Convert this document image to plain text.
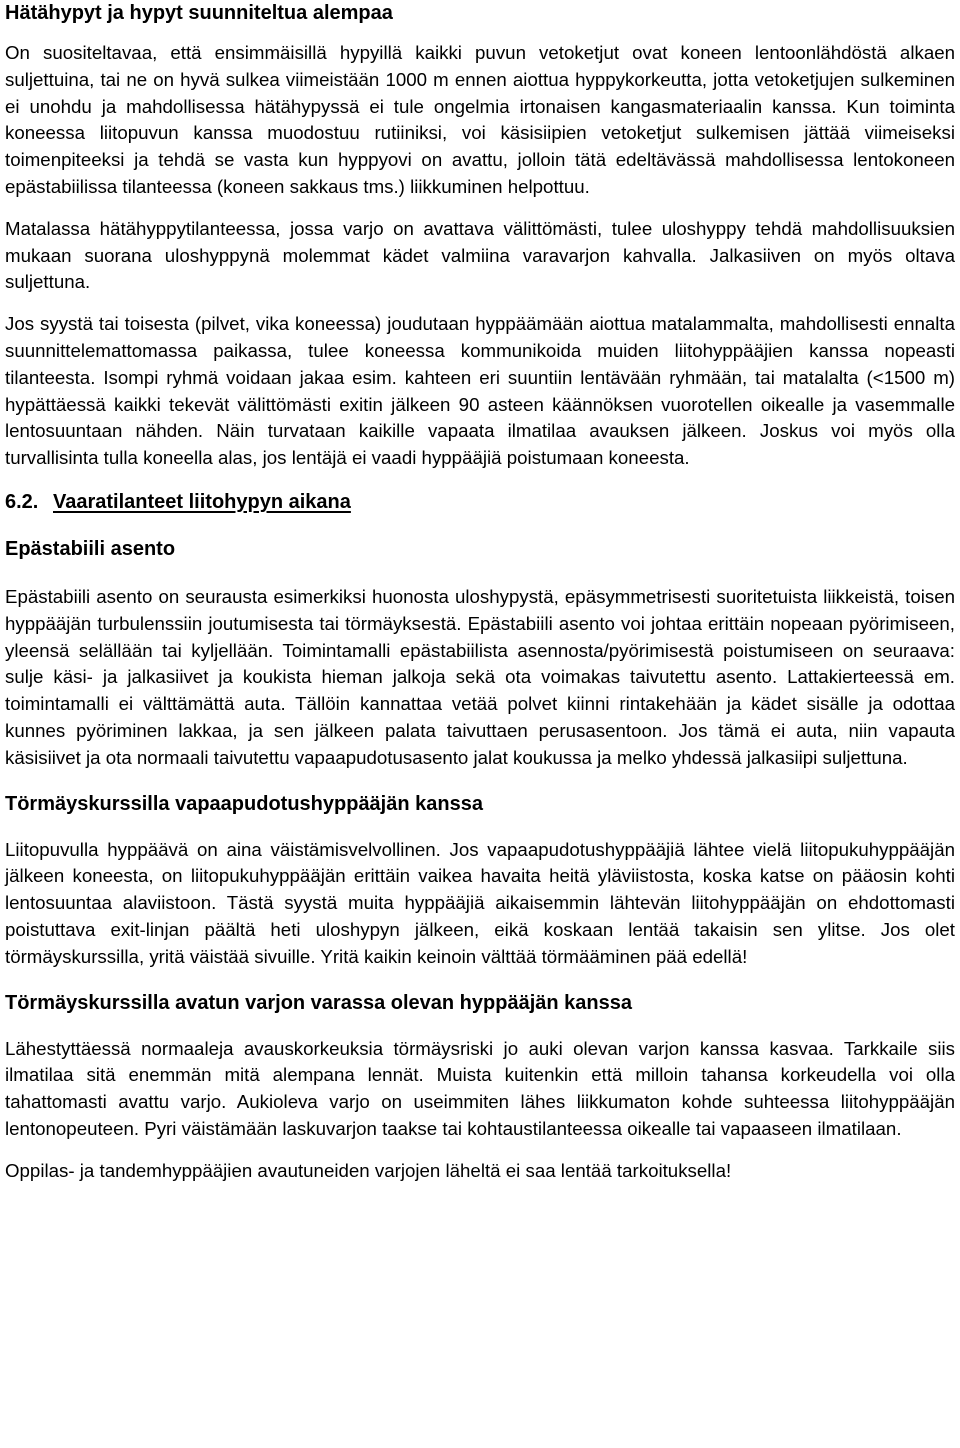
Hätähypyt ja hypyt suunniteltua alempaa

On suositeltavaa, että ensimmäisillä hypyillä kaikki puvun vetoketjut ovat koneen lentoonlähdöstä alkaen suljettuina, tai ne on hyvä sulkea viimeistään 1000 m ennen aiottua hyppykorkeutta, jotta vetoketjujen sulkeminen ei unohdu ja mahdollisessa hätähypyssä ei tule ongelmia irtonaisen kangasmateriaalin kanssa. Kun toiminta koneessa liitopuvun kanssa muodostuu rutiiniksi, voi käsisiipien vetoketjut sulkemisen jättää viimeiseksi toimenpiteeksi ja tehdä se vasta kun hyppyovi on avattu, jolloin tätä edeltävässä mahdollisessa lentokoneen epästabiilissa tilanteessa (koneen sakkaus tms.) liikkuminen helpottuu.

Matalassa hätähyppytilanteessa, jossa varjo on avattava välittömästi, tulee uloshyppy tehdä mahdollisuuksien mukaan suorana uloshyppynä molemmat kädet valmiina varavarjon kahvalla. Jalkasiiven on myös oltava suljettuna.

Jos syystä tai toisesta (pilvet, vika koneessa) joudutaan hyppäämään aiottua matalammalta, mahdollisesti ennalta suunnittelemattomassa paikassa, tulee koneessa kommunikoida muiden liitohyppääjien kanssa nopeasti tilanteesta. Isompi ryhmä voidaan jakaa esim. kahteen eri suuntiin lentävään ryhmään, tai matalalta (<1500 m) hypättäessä kaikki tekevät välittömästi exitin jälkeen 90 asteen käännöksen vuorotellen oikealle ja vasemmalle lentosuuntaan nähden. Näin turvataan kaikille vapaata ilmatilaa avauksen jälkeen. Joskus voi myös olla turvallisinta tulla koneella alas, jos lentäjä ei vaadi hyppääjiä poistumaan koneesta.

6.2. Vaaratilanteet liitohypyn aikana
Epästabiili asento

Epästabiili asento on seurausta esimerkiksi huonosta uloshypystä, epäsymmetrisesti suoritetuista liikkeistä, toisen hyppääjän turbulenssiin joutumisesta tai törmäyksestä. Epästabiili asento voi johtaa erittäin nopeaan pyörimiseen, yleensä selällään tai kyljellään. Toimintamalli epästabiilista asennosta/pyörimisestä poistumiseen on seuraava: sulje käsi- ja jalkasiivet ja koukista hieman jalkoja sekä ota voimakas taivutettu asento. Lattakierteessä em. toimintamalli ei välttämättä auta. Tällöin kannattaa vetää polvet kiinni rintakehään ja kädet sisälle ja odottaa kunnes pyöriminen lakkaa, ja sen jälkeen palata taivuttaen perusasentoon. Jos tämä ei auta, niin vapauta käsisiivet ja ota normaali taivutettu vapaapudotusasento jalat koukussa ja melko yhdessä jalkasiipi suljettuna.

Törmäyskurssilla vapaapudotushyppääjän kanssa

Liitopuvulla hyppäävä on aina väistämisvelvollinen. Jos vapaapudotushyppääjiä lähtee vielä liitopukuhyppääjän jälkeen koneesta, on liitopukuhyppääjän erittäin vaikea havaita heitä yläviistosta, koska katse on pääosin kohti lentosuuntaa alaviistoon. Tästä syystä muita hyppääjiä aikaisemmin lähtevän liitohyppääjän on ehdottomasti poistuttava exit-linjan päältä heti uloshypyn jälkeen, eikä koskaan lentää takaisin sen ylitse. Jos olet törmäyskurssilla, yritä väistää sivuille. Yritä kaikin keinoin välttää törmääminen pää edellä!

Törmäyskurssilla avatun varjon varassa olevan hyppääjän kanssa

Lähestyttäessä normaaleja avauskorkeuksia törmäysriski jo auki olevan varjon kanssa kasvaa. Tarkkaile siis ilmatilaa sitä enemmän mitä alempana lennät. Muista kuitenkin että milloin tahansa korkeudella voi olla tahattomasti avattu varjo. Aukioleva varjo on useimmiten lähes liikkumaton kohde suhteessa liitohyppääjän lentonopeuteen. Pyri väistämään laskuvarjon taakse tai kohtaustilanteessa oikealle tai vapaaseen ilmatilaan.

Oppilas- ja tandemhyppääjien avautuneiden varjojen läheltä ei saa lentää tarkoituksella!
